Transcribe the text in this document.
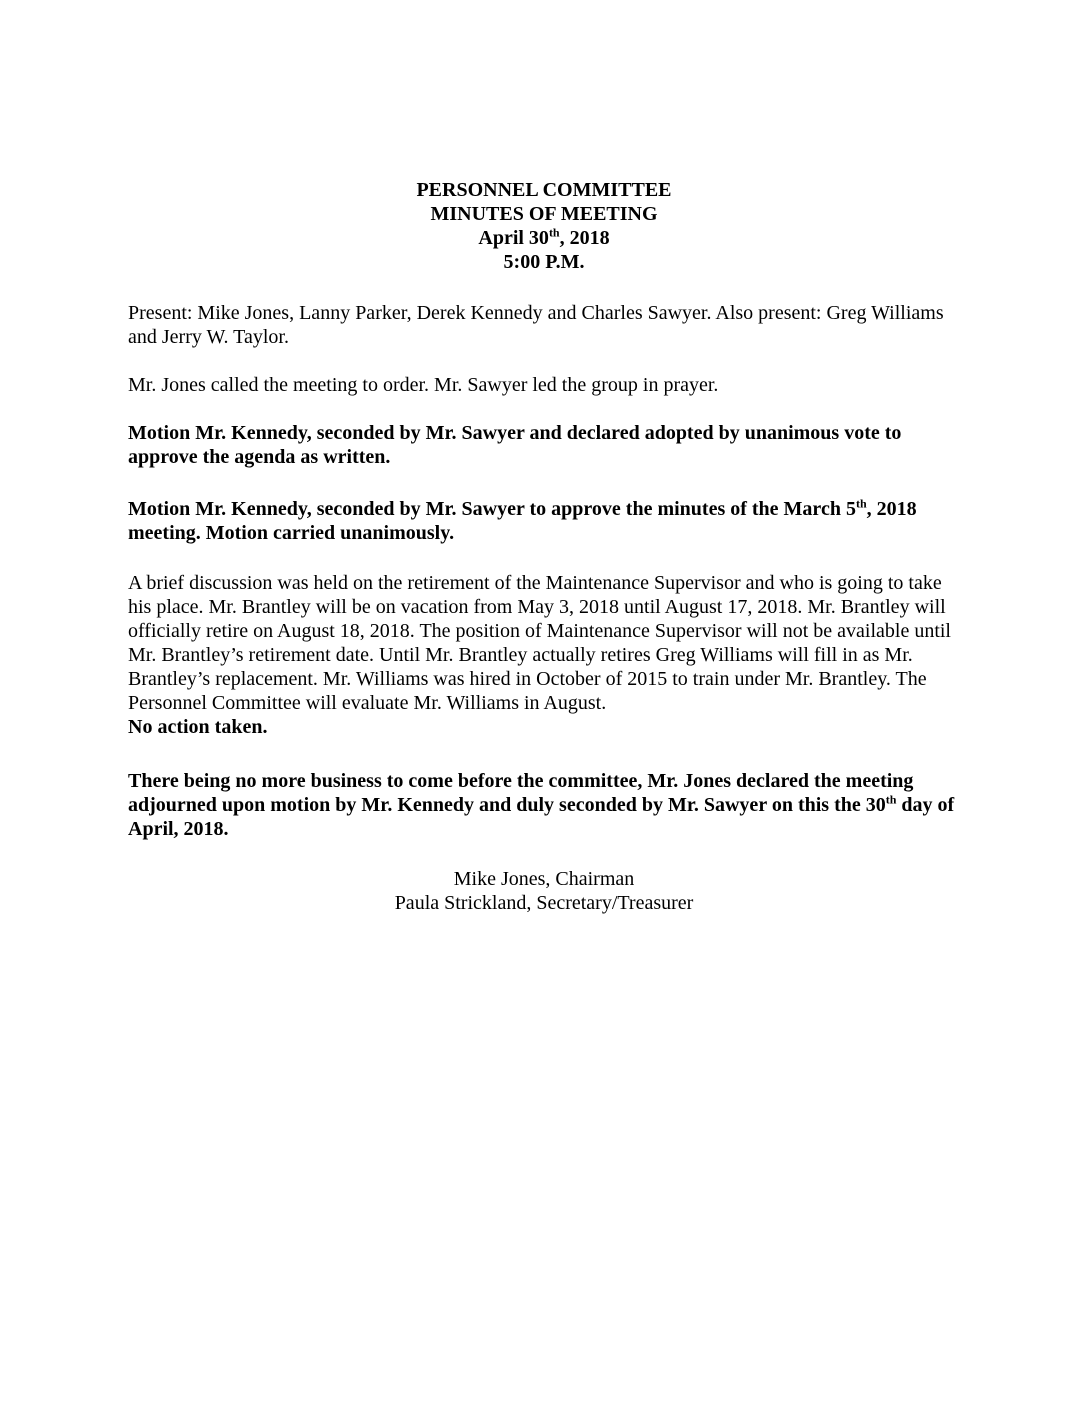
PERSONNEL COMMITTEE
MINUTES OF MEETING
April 30th, 2018
5:00 P.M.

Present: Mike Jones, Lanny Parker, Derek Kennedy and Charles Sawyer. Also present: Greg Williams and Jerry W. Taylor.

Mr. Jones called the meeting to order. Mr. Sawyer led the group in prayer.

Motion Mr. Kennedy, seconded by Mr. Sawyer and declared adopted by unanimous vote to approve the agenda as written.

Motion Mr. Kennedy, seconded by Mr. Sawyer to approve the minutes of the March 5th, 2018 meeting. Motion carried unanimously.

A brief discussion was held on the retirement of the Maintenance Supervisor and who is going to take his place. Mr. Brantley will be on vacation from May 3, 2018 until August 17, 2018. Mr. Brantley will officially retire on August 18, 2018. The position of Maintenance Supervisor will not be available until Mr. Brantley’s retirement date. Until Mr. Brantley actually retires Greg Williams will fill in as Mr. Brantley’s replacement. Mr. Williams was hired in October of 2015 to train under Mr. Brantley. The Personnel Committee will evaluate Mr. Williams in August.
No action taken.

There being no more business to come before the committee, Mr. Jones declared the meeting adjourned upon motion by Mr. Kennedy and duly seconded by Mr. Sawyer on this the 30th day of April, 2018.

Mike Jones, Chairman
Paula Strickland, Secretary/Treasurer
